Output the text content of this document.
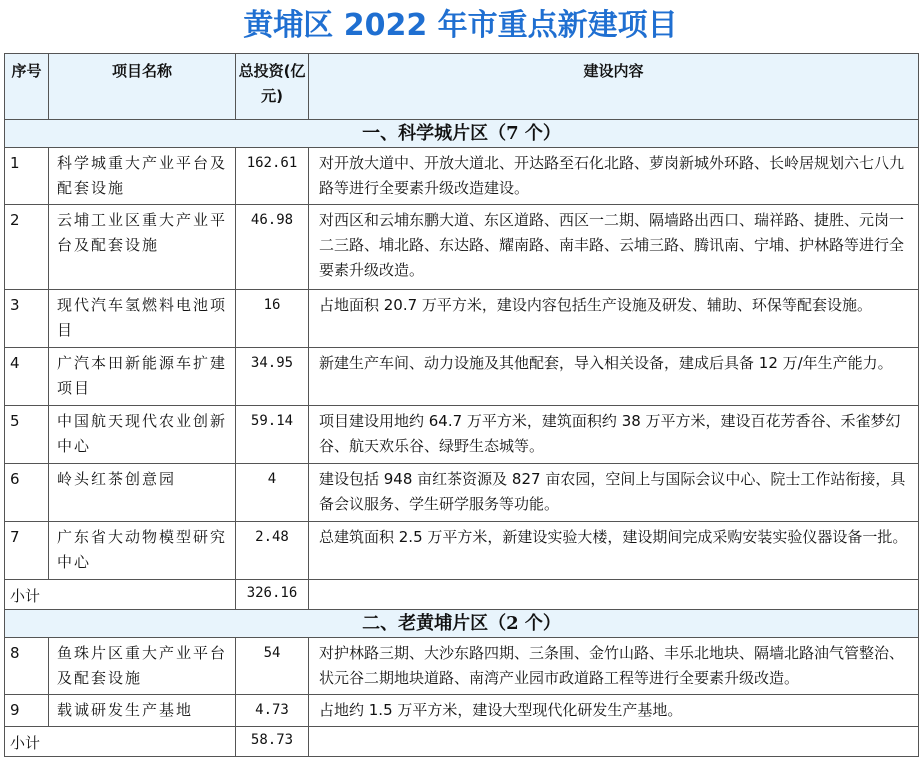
黄埔区 2022 年市重点新建项目
序号	项目名称	总投资(亿元)	建设内容
一、科学城片区（7 个）			
1	科学城重大产业平台及配套设施	162.61	对开放大道中、开放大道北、开达路至石化北路、萝岗新城外环路、长岭居规划六七八九路等进行全要素升级改造建设。
2	云埔工业区重大产业平台及配套设施	46.98	对西区和云埔东鹏大道、东区道路、西区一二期、隔墙路出西口、瑞祥路、捷胜、元岗一二三路、埔北路、东达路、耀南路、南丰路、云埔三路、腾讯南、宁埔、护林路等进行全要素升级改造。
3	现代汽车氢燃料电池项目	16	占地面积 20.7 万平方米，建设内容包括生产设施及研发、辅助、环保等配套设施。
4	广汽本田新能源车扩建项目	34.95	新建生产车间、动力设施及其他配套，导入相关设备，建成后具备 12 万/年生产能力。
5	中国航天现代农业创新中心	59.14	项目建设用地约 64.7 万平方米，建筑面积约 38 万平方米，建设百花芳香谷、禾雀梦幻谷、航天欢乐谷、绿野生态城等。
6	岭头红茶创意园	4	建设包括 948 亩红茶资源及 827 亩农园，空间上与国际会议中心、院士工作站衔接，具备会议服务、学生研学服务等功能。
7	广东省大动物模型研究中心	2.48	总建筑面积 2.5 万平方米，新建设实验大楼，建设期间完成采购安装实验仪器设备一批。
小计		326.16	
二、老黄埔片区（2 个）			
8	鱼珠片区重大产业平台及配套设施	54	对护林路三期、大沙东路四期、三条围、金竹山路、丰乐北地块、隔墙北路油气管整治、状元谷二期地块道路、南湾产业园市政道路工程等进行全要素升级改造。
9	载诚研发生产基地	4.73	占地约 1.5 万平方米，建设大型现代化研发生产基地。
小计		58.73	
